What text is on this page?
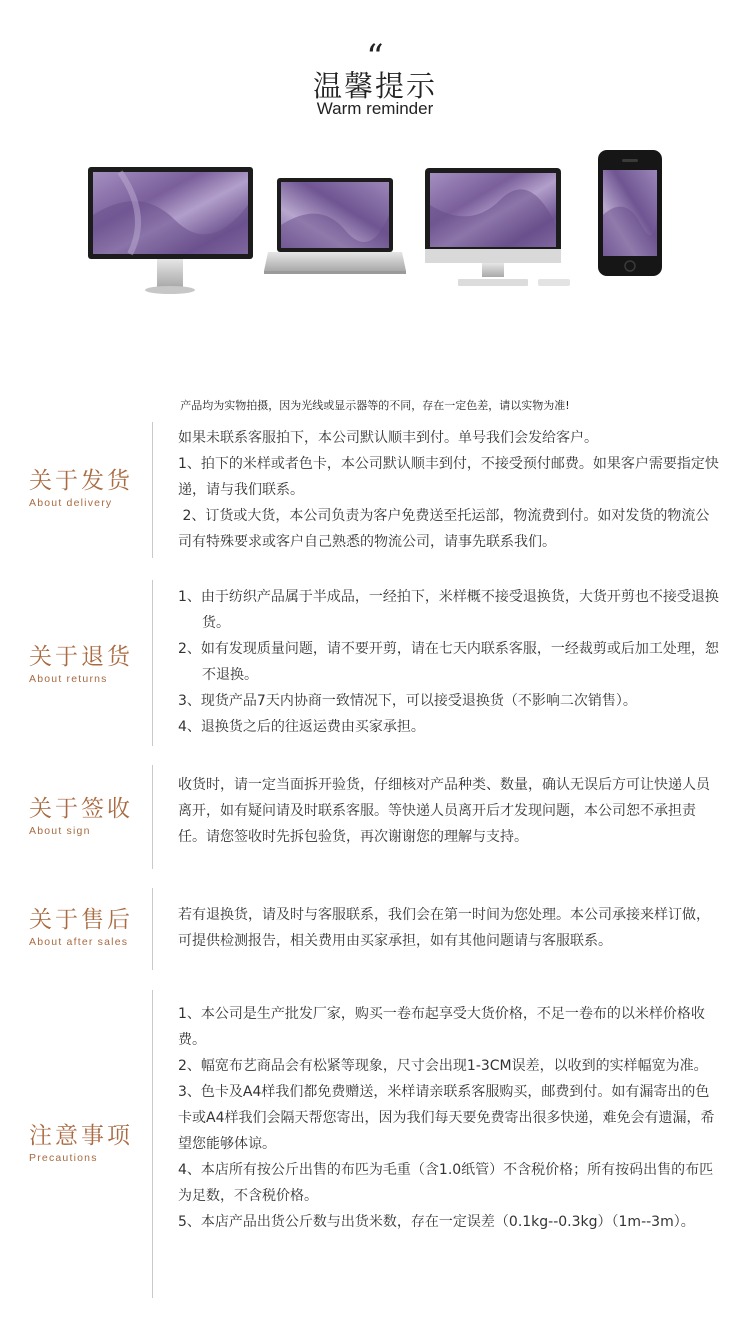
“
温馨提示
Warm reminder
产品均为实物拍摄，因为光线或显示器等的不同，存在一定色差，请以实物为准!
关于发货
About delivery

如果未联系客服拍下，本公司默认顺丰到付。单号我们会发给客户。

1、拍下的米样或者色卡，本公司默认顺丰到付，不接受预付邮费。如果客户需要指定快递，请与我们联系。

2、订货或大货，本公司负责为客户免费送至托运部，物流费到付。如对发货的物流公司有特殊要求或客户自己熟悉的物流公司，请事先联系我们。

关于退货
About returns

1、由于纺织产品属于半成品，一经拍下，米样概不接受退换货，大货开剪也不接受退换货。

2、如有发现质量问题，请不要开剪，请在七天内联系客服，一经裁剪或后加工处理，恕不退换。

3、现货产品7天内协商一致情况下，可以接受退换货（不影响二次销售）。

4、退换货之后的往返运费由买家承担。

关于签收
About sign

收货时，请一定当面拆开验货，仔细核对产品种类、数量，确认无误后方可让快递人员离开，如有疑问请及时联系客服。等快递人员离开后才发现问题，本公司恕不承担责任。请您签收时先拆包验货，再次谢谢您的理解与支持。

关于售后
About after sales

若有退换货，请及时与客服联系，我们会在第一时间为您处理。本公司承接来样订做，可提供检测报告，相关费用由买家承担，如有其他问题请与客服联系。

注意事项
Precautions

1、本公司是生产批发厂家，购买一卷布起享受大货价格，不足一卷布的以米样价格收费。

2、幅宽布艺商品会有松紧等现象，尺寸会出现1-3CM误差，以收到的实样幅宽为准。

3、色卡及A4样我们都免费赠送，米样请亲联系客服购买，邮费到付。如有漏寄出的色卡或A4样我们会隔天帮您寄出，因为我们每天要免费寄出很多快递，难免会有遗漏，希望您能够体谅。

4、本店所有按公斤出售的布匹为毛重（含1.0纸管）不含税价格；所有按码出售的布匹为足数，不含税价格。

5、本店产品出货公斤数与出货米数，存在一定误差（0.1kg--0.3kg）（1m--3m）。
